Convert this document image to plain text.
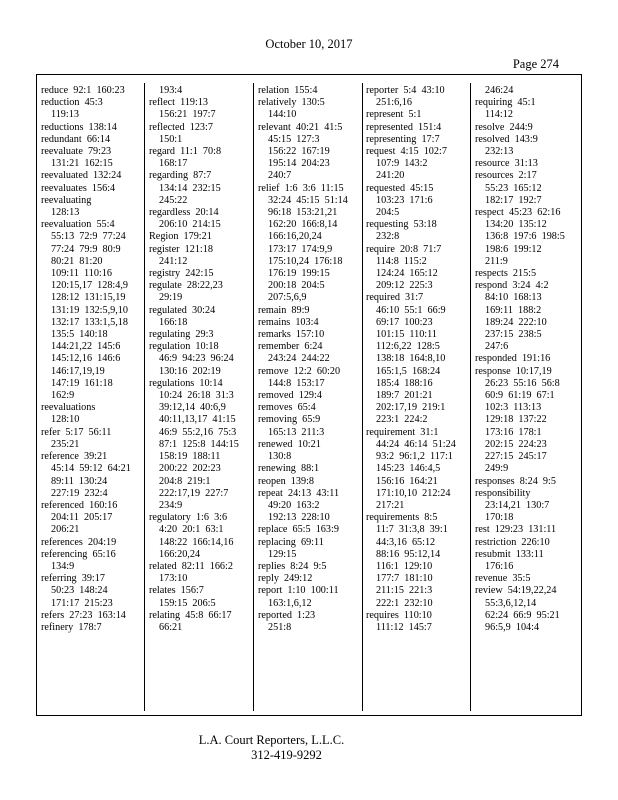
October 10, 2017
Page 274
reduce  92:1  160:23
reduction  45:3
119:13
reductions  138:14
redundant  66:14
reevaluate  79:23
131:21  162:15
reevaluated  132:24
reevaluates  156:4
reevaluating
128:13
reevaluation  55:4
55:13  72:9  77:24
77:24  79:9  80:9
80:21  81:20
109:11  110:16
120:15,17  128:4,9
128:12  131:15,19
131:19  132:5,9,10
132:17  133:1,5,18
135:5  140:18
144:21,22  145:6
145:12,16  146:6
146:17,19,19
147:19  161:18
162:9
reevaluations
128:10
refer  5:17  56:11
235:21
reference  39:21
45:14  59:12  64:21
89:11  130:24
227:19  232:4
referenced  160:16
204:11  205:17
206:21
references  204:19
referencing  65:16
134:9
referring  39:17
50:23  148:24
171:17  215:23
refers  27:23  163:14
refinery  178:7
193:4
reflect  119:13
156:21  197:7
reflected  123:7
150:1
regard  11:1  70:8
168:17
regarding  87:7
134:14  232:15
245:22
regardless  20:14
206:10  214:15
Region  179:21
register  121:18
241:12
registry  242:15
regulate  28:22,23
29:19
regulated  30:24
166:18
regulating  29:3
regulation  10:18
46:9  94:23  96:24
130:16  202:19
regulations  10:14
10:24  26:18  31:3
39:12,14  40:6,9
40:11,13,17  41:15
46:9  55:2,16  75:3
87:1  125:8  144:15
158:19  188:11
200:22  202:23
204:8  219:1
222:17,19  227:7
234:9
regulatory  1:6  3:6
4:20  20:1  63:1
148:22  166:14,16
166:20,24
related  82:11  166:2
173:10
relates  156:7
159:15  206:5
relating  45:8  66:17
66:21
relation  155:4
relatively  130:5
144:10
relevant  40:21  41:5
45:15  127:3
156:22  167:19
195:14  204:23
240:7
relief  1:6  3:6  11:15
32:24  45:15  51:14
96:18  153:21,21
162:20  166:8,14
166:16,20,24
173:17  174:9,9
175:10,24  176:18
176:19  199:15
200:18  204:5
207:5,6,9
remain  89:9
remains  103:4
remarks  157:10
remember  6:24
243:24  244:22
remove  12:2  60:20
144:8  153:17
removed  129:4
removes  65:4
removing  65:9
165:13  211:3
renewed  10:21
130:8
renewing  88:1
reopen  139:8
repeat  24:13  43:11
49:20  163:2
192:13  228:10
replace  65:5  163:9
replacing  69:11
129:15
replies  8:24  9:5
reply  249:12
report  1:10  100:11
163:1,6,12
reported  1:23
251:8
reporter  5:4  43:10
251:6,16
represent  5:1
represented  151:4
representing  17:7
request  4:15  102:7
107:9  143:2
241:20
requested  45:15
103:23  171:6
204:5
requesting  53:18
232:8
require  20:8  71:7
114:8  115:2
124:24  165:12
209:12  225:3
required  31:7
46:10  55:1  66:9
69:17  100:23
101:15  110:11
112:6,22  128:5
138:18  164:8,10
165:1,5  168:24
185:4  188:16
189:7  201:21
202:17,19  219:1
223:1  224:2
requirement  31:1
44:24  46:14  51:24
93:2  96:1,2  117:1
145:23  146:4,5
156:16  164:21
171:10,10  212:24
217:21
requirements  8:5
11:7  31:3,8  39:1
44:3,16  65:12
88:16  95:12,14
116:1  129:10
177:7  181:10
211:15  221:3
222:1  232:10
requires  110:10
111:12  145:7
246:24
requiring  45:1
114:12
resolve  244:9
resolved  143:9
232:13
resource  31:13
resources  2:17
55:23  165:12
182:17  192:7
respect  45:23  62:16
134:20  135:12
136:8  197:6  198:5
198:6  199:12
211:9
respects  215:5
respond  3:24  4:2
84:10  168:13
169:11  188:2
189:24  222:10
237:15  238:5
247:6
responded  191:16
response  10:17,19
26:23  55:16  56:8
60:9  61:19  67:1
102:3  113:13
129:18  137:22
173:16  178:1
202:15  224:23
227:15  245:17
249:9
responses  8:24  9:5
responsibility
23:14,21  130:7
170:18
rest  129:23  131:11
restriction  226:10
resubmit  133:11
176:16
revenue  35:5
review  54:19,22,24
55:3,6,12,14
62:24  66:9  95:21
96:5,9  104:4
L.A. Court Reporters, L.L.C.
312-419-9292
